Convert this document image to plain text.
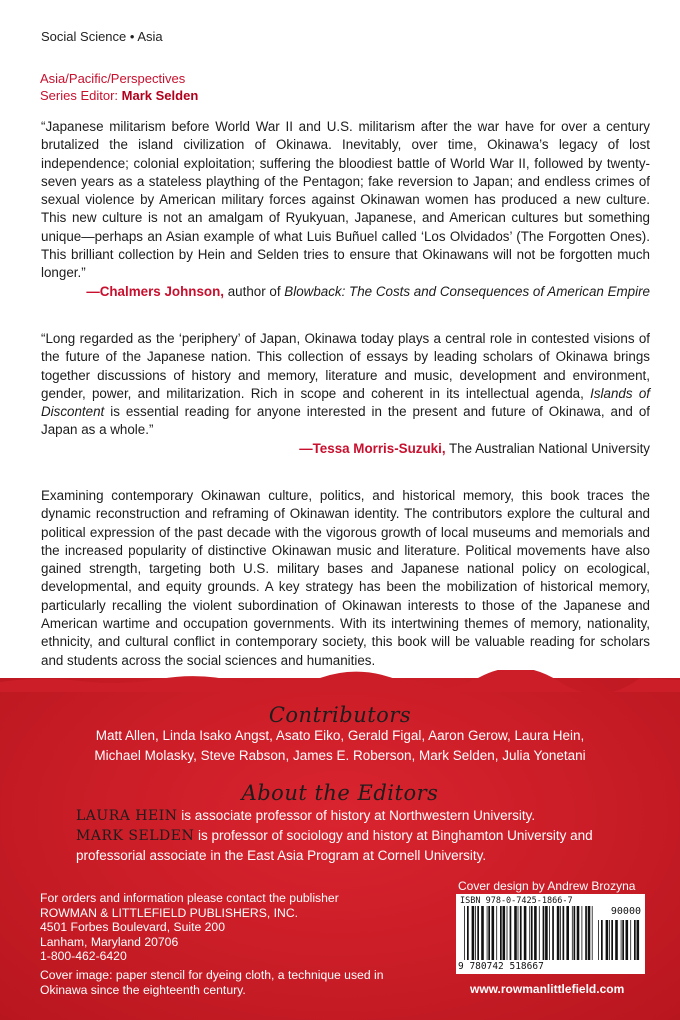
Social Science • Asia
Asia/Pacific/Perspectives
Series Editor: Mark Selden
“Japanese militarism before World War II and U.S. militarism after the war have for over a century brutalized the island civilization of Okinawa. Inevitably, over time, Okinawa’s legacy of lost independence; colonial exploitation; suffering the bloodiest battle of World War II, followed by twenty-seven years as a stateless plaything of the Pentagon; fake reversion to Japan; and endless crimes of sexual violence by American military forces against Okinawan women has produced a new culture. This new culture is not an amalgam of Ryukyuan, Japanese, and American cultures but something unique—perhaps an Asian example of what Luis Buñuel called ‘Los Olvidados’ (The Forgotten Ones). This brilliant collection by Hein and Selden tries to ensure that Okinawans will not be forgotten much longer.”
—Chalmers Johnson, author of Blowback: The Costs and Consequences of American Empire
“Long regarded as the ‘periphery’ of Japan, Okinawa today plays a central role in contested visions of the future of the Japanese nation. This collection of essays by leading scholars of Okinawa brings together discussions of history and memory, literature and music, development and environment, gender, power, and militarization. Rich in scope and coherent in its intellectual agenda, Islands of Discontent is essential reading for anyone interested in the present and future of Okinawa, and of Japan as a whole.”
—Tessa Morris-Suzuki, The Australian National University
Examining contemporary Okinawan culture, politics, and historical memory, this book traces the dynamic reconstruction and reframing of Okinawan identity. The contributors explore the cultural and political expression of the past decade with the vigorous growth of local museums and memorials and the increased popularity of distinctive Okinawan music and literature. Political movements have also gained strength, targeting both U.S. military bases and Japanese national policy on ecological, developmental, and equity grounds. A key strategy has been the mobilization of historical memory, particularly recalling the violent subordination of Okinawan interests to those of the Japanese and American wartime and occupation governments. With its intertwining themes of memory, nationality, ethnicity, and cultural conflict in contemporary society, this book will be valuable reading for scholars and students across the social sciences and humanities.
Contributors
Matt Allen, Linda Isako Angst, Asato Eiko, Gerald Figal, Aaron Gerow, Laura Hein,
Michael Molasky, Steve Rabson, James E. Roberson, Mark Selden, Julia Yonetani
About the Editors
LAURA HEIN is associate professor of history at Northwestern University.
MARK SELDEN is professor of sociology and history at Binghamton University and
professorial associate in the East Asia Program at Cornell University.
For orders and information please contact the publisher
ROWMAN & LITTLEFIELD PUBLISHERS, INC.
4501 Forbes Boulevard, Suite 200
Lanham, Maryland 20706
1-800-462-6420
Cover image: paper stencil for dyeing cloth, a technique used in
Okinawa since the eighteenth century.
Cover design by Andrew Brozyna
ISBN 978-0-7425-1866-7
90000
9 780742 518667
www.rowmanlittlefield.com
